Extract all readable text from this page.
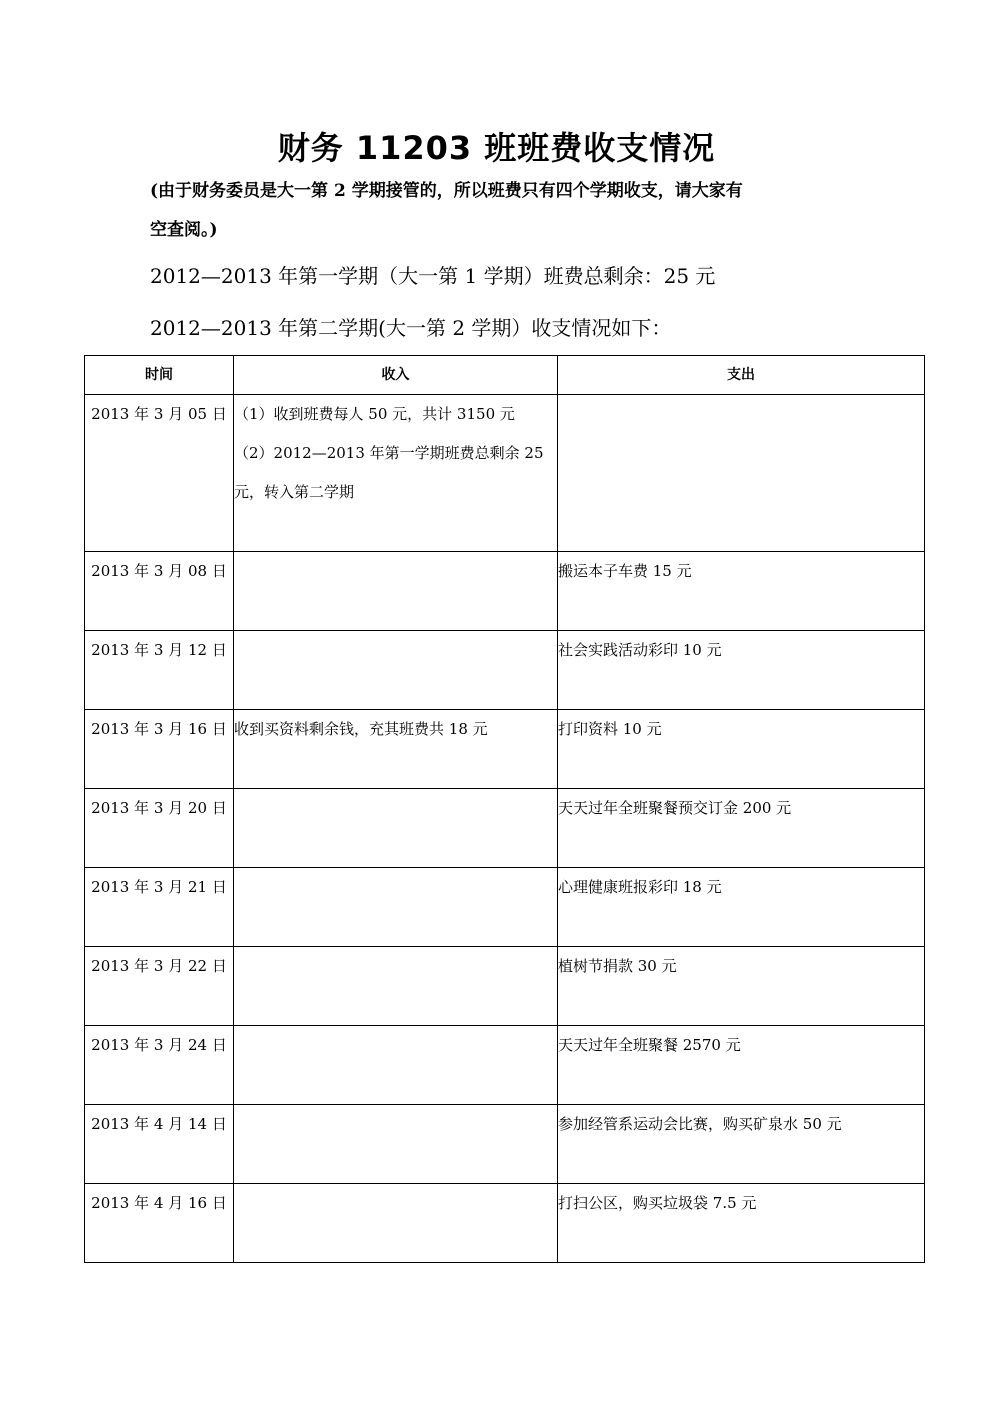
财务 11203 班班费收支情况
(由于财务委员是大一第 2 学期接管的，所以班费只有四个学期收支，请大家有
空查阅。)
2012—2013 年第一学期（大一第 1 学期）班费总剩余：25 元
2012—2013 年第二学期(大一第 2 学期）收支情况如下：
时间	收入	支出
2013 年 3 月 05 日	（1）收到班费每人 50 元，共计 3150 元
（2）2012—2013 年第一学期班费总剩余 25 元，转入第二学期	

2013 年 3 月 08 日		搬运本子车费 15 元
2013 年 3 月 12 日		社会实践活动彩印 10 元
2013 年 3 月 16 日	收到买资料剩余钱，充其班费共 18 元	打印资料 10 元
2013 年 3 月 20 日		天天过年全班聚餐预交订金 200 元
2013 年 3 月 21 日		心理健康班报彩印 18 元
2013 年 3 月 22 日		植树节捐款 30 元
2013 年 3 月 24 日		天天过年全班聚餐 2570 元
2013 年 4 月 14 日		参加经管系运动会比赛，购买矿泉水 50 元
2013 年 4 月 16 日		打扫公区，购买垃圾袋 7.5 元
